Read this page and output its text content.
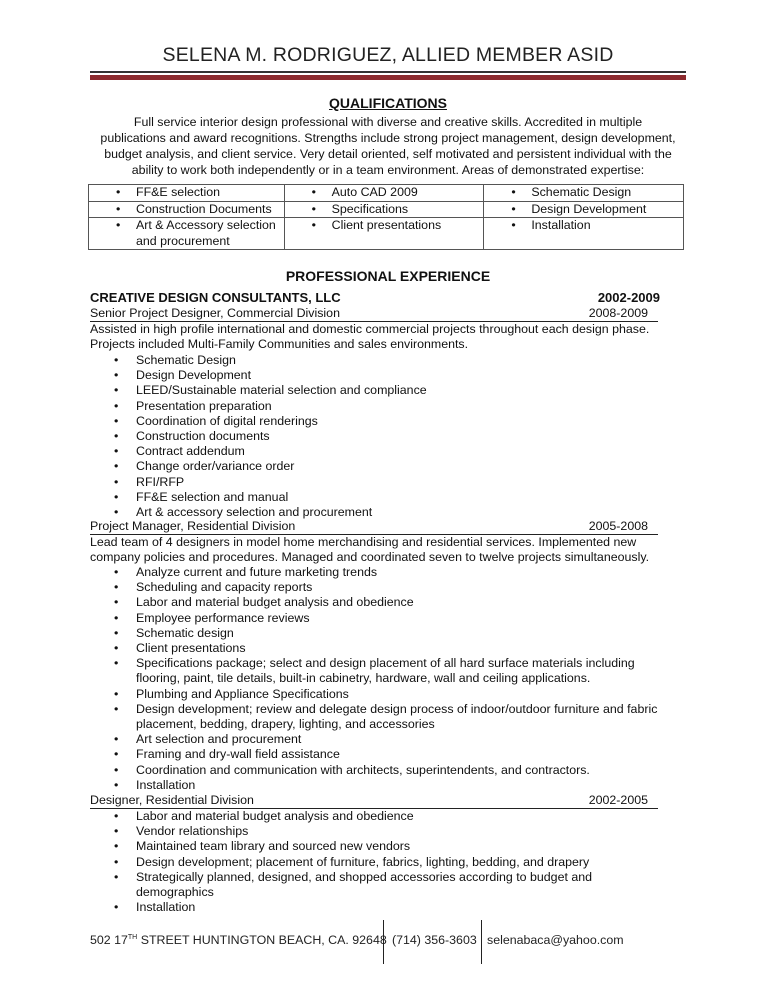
SELENA M. RODRIGUEZ, ALLIED MEMBER ASID
QUALIFICATIONS
Full service interior design professional with diverse and creative skills. Accredited in multiple
publications and award recognitions. Strengths include strong project management, design development,
budget analysis, and client service. Very detail oriented, self motivated and persistent individual with the
ability to work both independently or in a team environment. Areas of demonstrated expertise:
• FF&E selection	• Auto CAD 2009	• Schematic Design

• Construction Documents	• Specifications	• Design Development

• Art & Accessory selection and procurement	• Client presentations	• Installation
PROFESSIONAL EXPERIENCE
CREATIVE DESIGN CONSULTANTS, LLC	2002-2009
Senior Project Designer, Commercial Division	2008-2009
Assisted in high profile international and domestic commercial projects throughout each design phase.
Projects included Multi-Family Communities and sales environments.
• Schematic Design
• Design Development
• LEED/Sustainable material selection and compliance
• Presentation preparation
• Coordination of digital renderings
• Construction documents
• Contract addendum
• Change order/variance order
• RFI/RFP
• FF&E selection and manual
• Art & accessory selection and procurement
Project Manager, Residential Division	2005-2008
Lead team of 4 designers in model home merchandising and residential services. Implemented new
company policies and procedures. Managed and coordinated seven to twelve projects simultaneously.
• Analyze current and future marketing trends
• Scheduling and capacity reports
• Labor and material budget analysis and obedience
• Employee performance reviews
• Schematic design
• Client presentations
• Specifications package; select and design placement of all hard surface materials including flooring, paint, tile details, built-in cabinetry, hardware, wall and ceiling applications.
• Plumbing and Appliance Specifications
• Design development; review and delegate design process of indoor/outdoor furniture and fabric placement, bedding, drapery, lighting, and accessories
• Art selection and procurement
• Framing and dry-wall field assistance
• Coordination and communication with architects, superintendents, and contractors.
• Installation
Designer, Residential Division	2002-2005
• Labor and material budget analysis and obedience
• Vendor relationships
• Maintained team library and sourced new vendors
• Design development; placement of furniture, fabrics, lighting, bedding, and drapery
• Strategically planned, designed, and shopped accessories according to budget and demographics
• Installation
502 17TH STREET HUNTINGTON BEACH, CA. 92648 (714) 356-3603 selenabaca@yahoo.com
